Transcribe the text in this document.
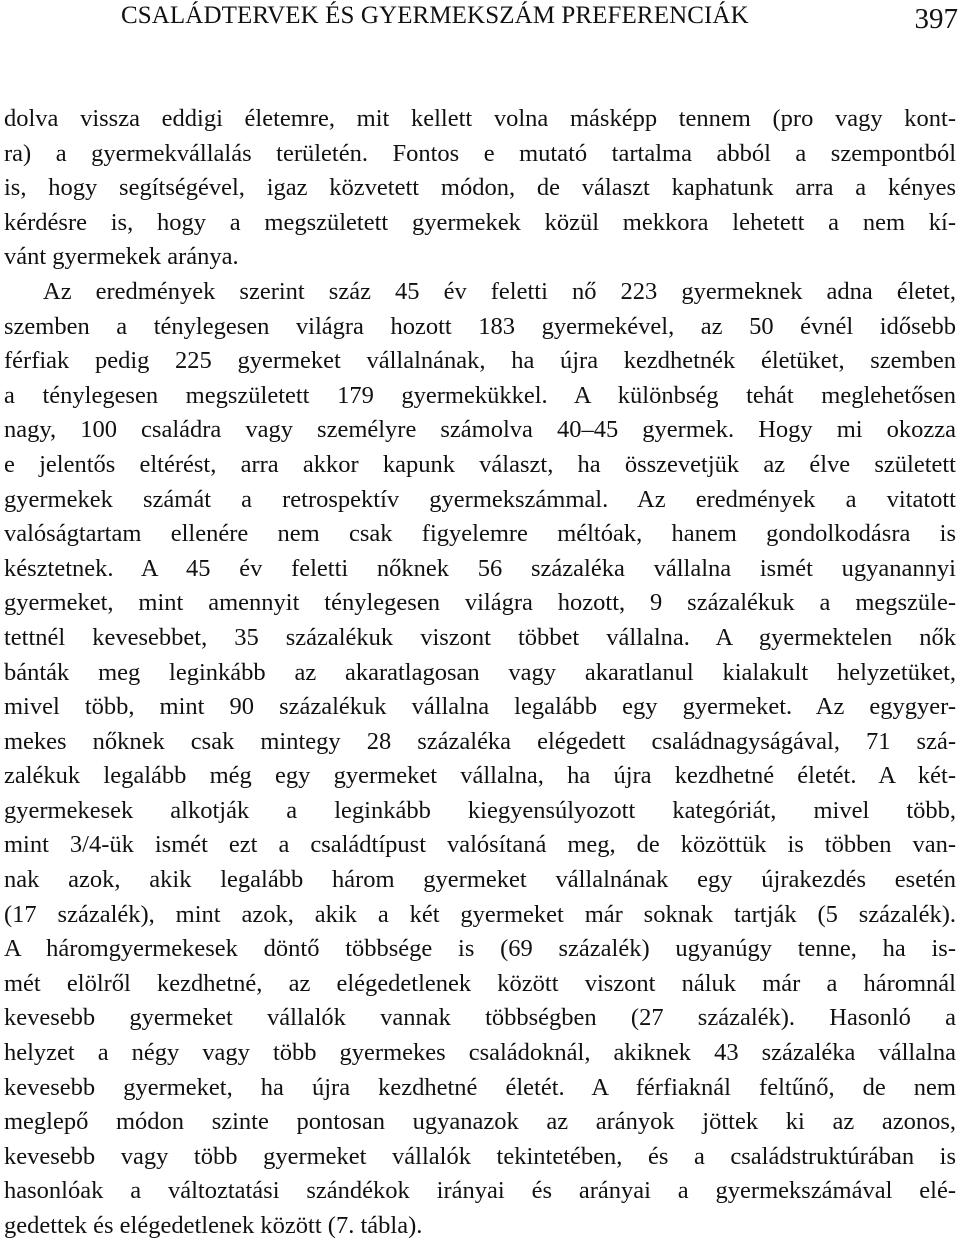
CSALÁDTERVEK ÉS GYERMEKSZÁM PREFERENCIÁK	397
dolva vissza eddigi életemre, mit kellett volna másképp tennem (pro vagy kont-
ra) a gyermekvállalás területén. Fontos e mutató tartalma abból a szempontból
is, hogy segítségével, igaz közvetett módon, de választ kaphatunk arra a kényes
kérdésre is, hogy a megszületett gyermekek közül mekkora lehetett a nem kí-
vánt gyermekek aránya.
Az eredmények szerint száz 45 év feletti nő 223 gyermeknek adna életet,
szemben a ténylegesen világra hozott 183 gyermekével, az 50 évnél idősebb
férfiak pedig 225 gyermeket vállalnának, ha újra kezdhetnék életüket, szemben
a ténylegesen megszületett 179 gyermekükkel. A különbség tehát meglehetősen
nagy, 100 családra vagy személyre számolva 40–45 gyermek. Hogy mi okozza
e jelentős eltérést, arra akkor kapunk választ, ha összevetjük az élve született
gyermekek számát a retrospektív gyermekszámmal. Az eredmények a vitatott
valóságtartam ellenére nem csak figyelemre méltóak, hanem gondolkodásra is
késztetnek. A 45 év feletti nőknek 56 százaléka vállalna ismét ugyanannyi
gyermeket, mint amennyit ténylegesen világra hozott, 9 százalékuk a megszüle-
tettnél kevesebbet, 35 százalékuk viszont többet vállalna. A gyermektelen nők
bánták meg leginkább az akaratlagosan vagy akaratlanul kialakult helyzetüket,
mivel több, mint 90 százalékuk vállalna legalább egy gyermeket. Az egygyer-
mekes nőknek csak mintegy 28 százaléka elégedett családnagyságával, 71 szá-
zalékuk legalább még egy gyermeket vállalna, ha újra kezdhetné életét. A két-
gyermekesek alkotják a leginkább kiegyensúlyozott kategóriát, mivel több,
mint 3/4-ük ismét ezt a családtípust valósítaná meg, de közöttük is többen van-
nak azok, akik legalább három gyermeket vállalnának egy újrakezdés esetén
(17 százalék), mint azok, akik a két gyermeket már soknak tartják (5 százalék).
A háromgyermekesek döntő többsége is (69 százalék) ugyanúgy tenne, ha is-
mét elölről kezdhetné, az elégedetlenek között viszont náluk már a háromnál
kevesebb gyermeket vállalók vannak többségben (27 százalék). Hasonló a
helyzet a négy vagy több gyermekes családoknál, akiknek 43 százaléka vállalna
kevesebb gyermeket, ha újra kezdhetné életét. A férfiaknál feltűnő, de nem
meglepő módon szinte pontosan ugyanazok az arányok jöttek ki az azonos,
kevesebb vagy több gyermeket vállalók tekintetében, és a családstruktúrában is
hasonlóak a változtatási szándékok irányai és arányai a gyermekszámával elé-
gedettek és elégedetlenek között (7. tábla).
